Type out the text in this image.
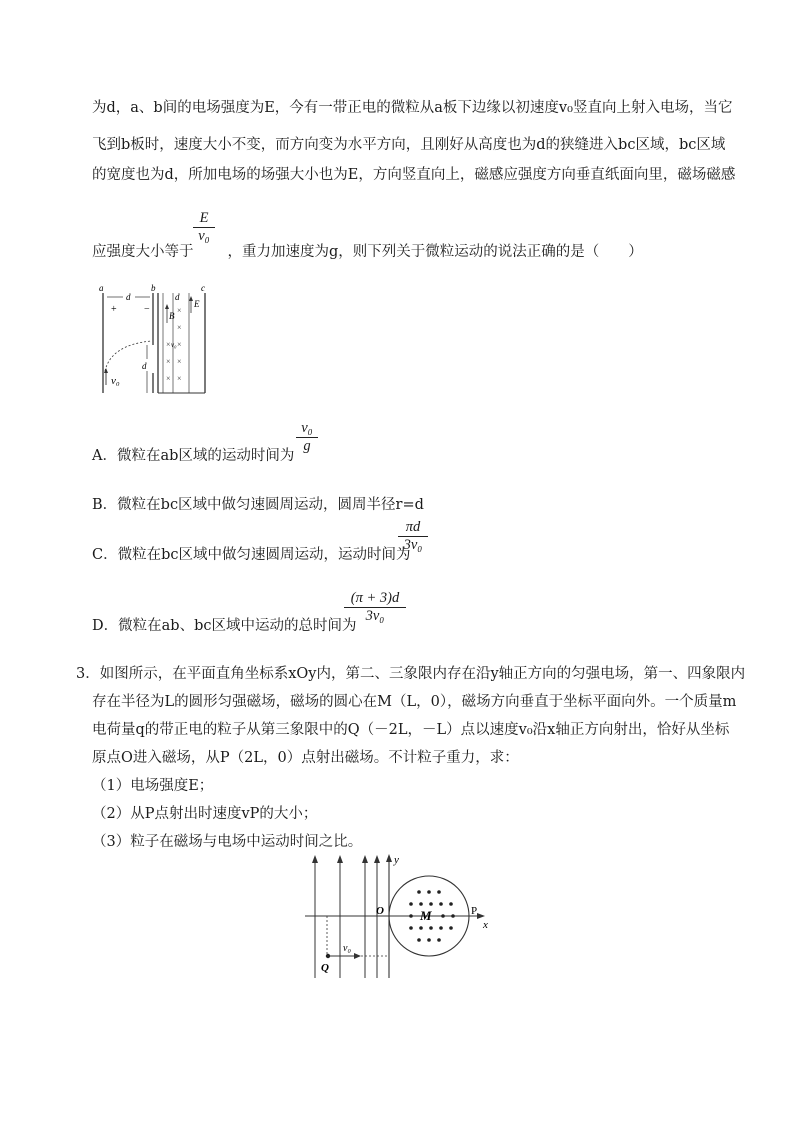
为d，a、b间的电场强度为E，今有一带正电的微粒从a板下边缘以初速度v₀竖直向上射入电场，当它
飞到b板时，速度大小不变，而方向变为水平方向，且刚好从高度也为d的狭缝进入bc区域，bc区域
的宽度也为d，所加电场的场强大小也为E，方向竖直向上，磁感应强度方向垂直纸面向里，磁场磁感
应强度大小等于 ，重力加速度为g，则下列关于微粒运动的说法正确的是（　　）
E
v₀
d
a	b	c
d
+	−	E
B
×
×
×
×
×
×
×
×
v₀
v₀
d
A．微粒在ab区域的运动时间为
v₀
g
B．微粒在bc区域中做匀速圆周运动，圆周半径r=d
C．微粒在bc区域中做匀速圆周运动，运动时间为
πd
3v₀
D．微粒在ab、bc区域中运动的总时间为
(π + 3)d
3v₀
3．如图所示，在平面直角坐标系xOy内，第二、三象限内存在沿y轴正方向的匀强电场，第一、四象限内
存在半径为L的圆形匀强磁场，磁场的圆心在M（L，0），磁场方向垂直于坐标平面向外。一个质量m
电荷量q的带正电的粒子从第三象限中的Q（－2L，－L）点以速度v₀沿x轴正方向射出，恰好从坐标
原点O进入磁场，从P（2L，0）点射出磁场。不计粒子重力，求：
（1）电场强度E；
（2）从P点射出时速度vP的大小；
（3）粒子在磁场与电场中运动时间之比。
y
x
O	M	P
v₀
Q
